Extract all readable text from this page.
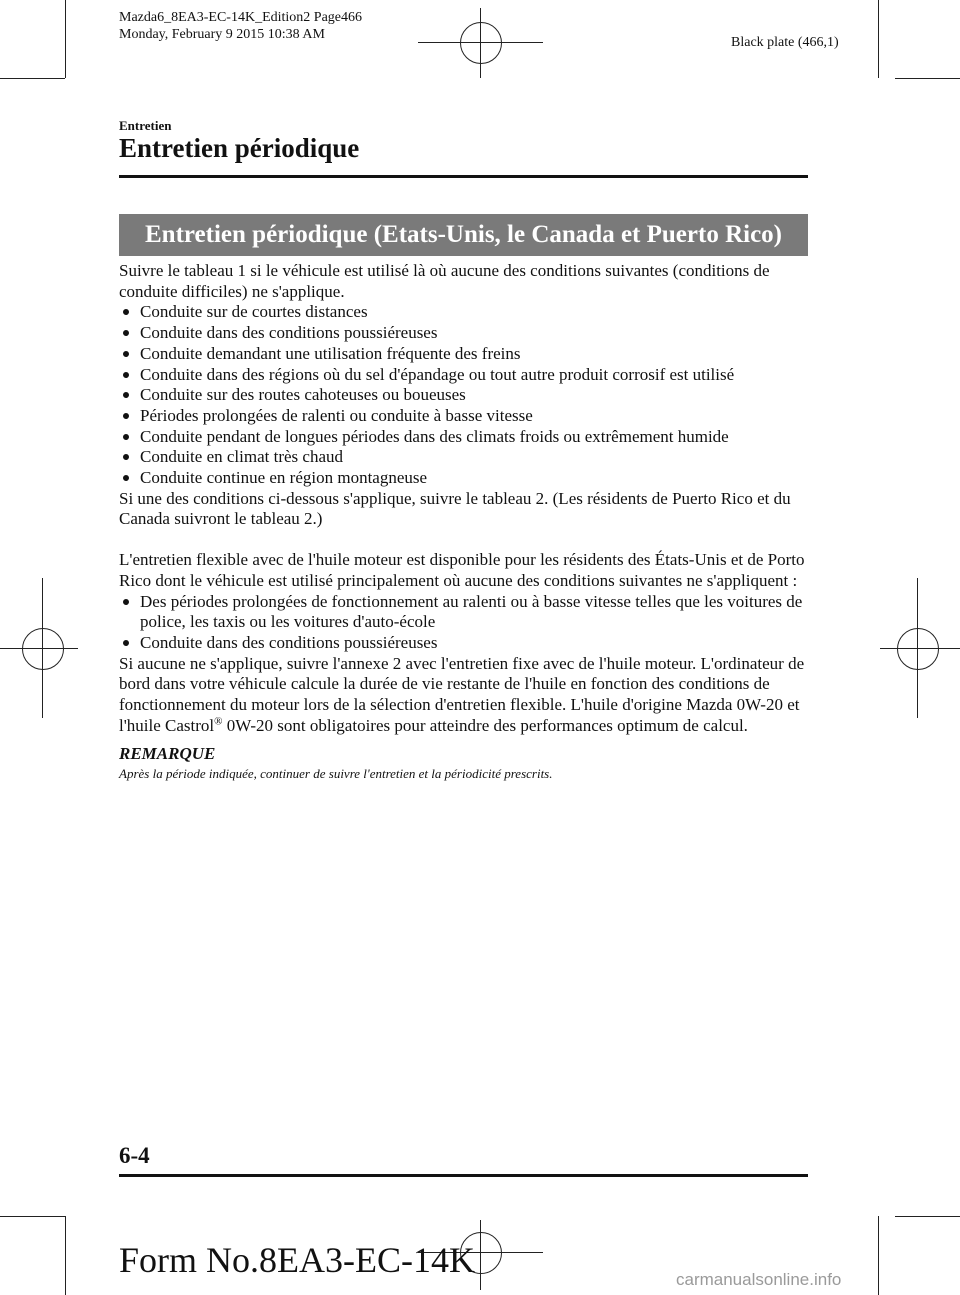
Mazda6_8EA3-EC-14K_Edition2 Page466
Monday, February 9 2015 10:38 AM
Black plate (466,1)
Entretien
Entretien périodique
Entretien périodique (Etats-Unis, le Canada et Puerto Rico)

Suivre le tableau 1 si le véhicule est utilisé là où aucune des conditions suivantes (conditions de conduite difficiles) ne s'applique.

Conduite sur de courtes distances
Conduite dans des conditions poussiéreuses
Conduite demandant une utilisation fréquente des freins
Conduite dans des régions où du sel d'épandage ou tout autre produit corrosif est utilisé
Conduite sur des routes cahoteuses ou boueuses
Périodes prolongées de ralenti ou conduite à basse vitesse
Conduite pendant de longues périodes dans des climats froids ou extrêmement humide
Conduite en climat très chaud
Conduite continue en région montagneuse

Si une des conditions ci-dessous s'applique, suivre le tableau 2. (Les résidents de Puerto Rico et du Canada suivront le tableau 2.)

L'entretien flexible avec de l'huile moteur est disponible pour les résidents des États-Unis et de Porto Rico dont le véhicule est utilisé principalement où aucune des conditions suivantes ne s'appliquent :

Des périodes prolongées de fonctionnement au ralenti ou à basse vitesse telles que les voitures de police, les taxis ou les voitures d'auto-école
Conduite dans des conditions poussiéreuses

Si aucune ne s'applique, suivre l'annexe 2 avec l'entretien fixe avec de l'huile moteur. L'ordinateur de bord dans votre véhicule calcule la durée de vie restante de l'huile en fonction des conditions de fonctionnement du moteur lors de la sélection d'entretien flexible. L'huile d'origine Mazda 0W-20 et l'huile Castrol® 0W-20 sont obligatoires pour atteindre des performances optimum de calcul.

REMARQUE

Après la période indiquée, continuer de suivre l'entretien et la périodicité prescrits.

6-4
Form No.8EA3-EC-14K	carmanualsonline.info
